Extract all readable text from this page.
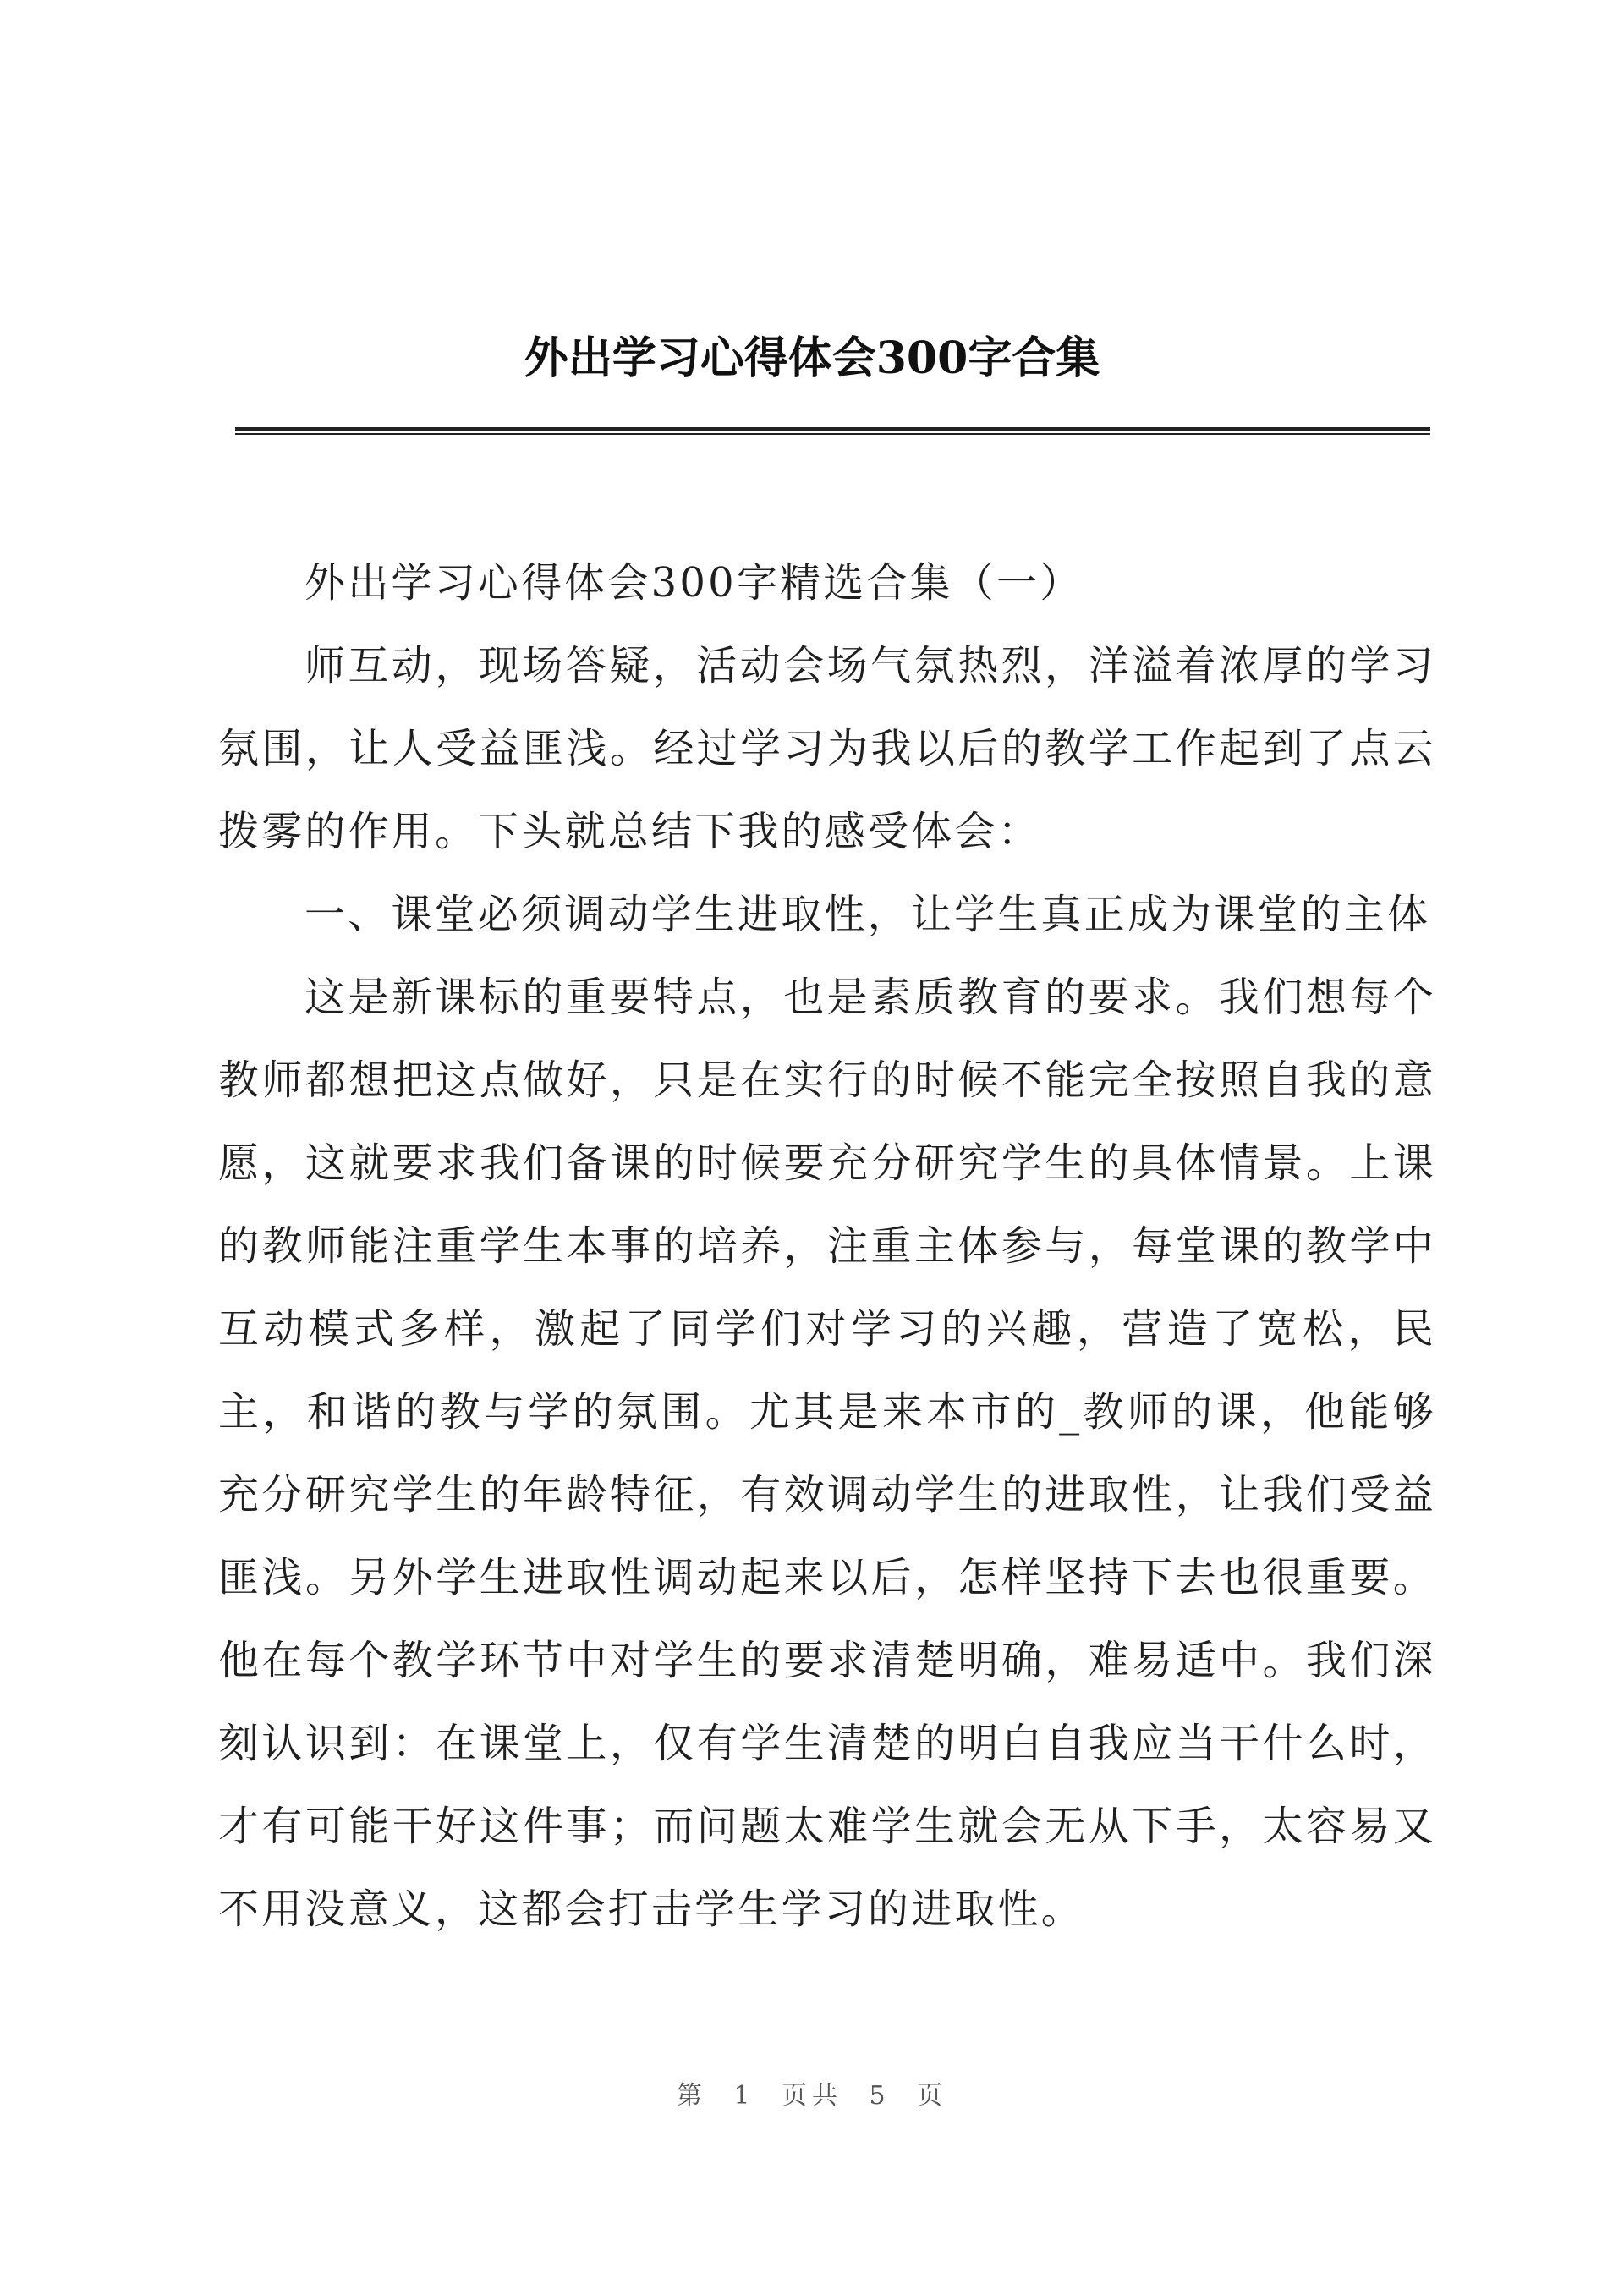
外出学习心得体会300字合集

外出学习心得体会300字精选合集（一）

师互动，现场答疑，活动会场气氛热烈，洋溢着浓厚的学习氛围，让人受益匪浅。经过学习为我以后的教学工作起到了点云拨雾的作用。下头就总结下我的感受体会：

一、课堂必须调动学生进取性，让学生真正成为课堂的主体

这是新课标的重要特点，也是素质教育的要求。我们想每个教师都想把这点做好，只是在实行的时候不能完全按照自我的意愿，这就要求我们备课的时候要充分研究学生的具体情景。上课的教师能注重学生本事的培养，注重主体参与，每堂课的教学中互动模式多样，激起了同学们对学习的兴趣，营造了宽松，民主，和谐的教与学的氛围。尤其是来本市的_教师的课，他能够充分研究学生的年龄特征，有效调动学生的进取性，让我们受益匪浅。另外学生进取性调动起来以后，怎样坚持下去也很重要。他在每个教学环节中对学生的要求清楚明确，难易适中。我们深刻认识到：在课堂上，仅有学生清楚的明白自我应当干什么时，才有可能干好这件事；而问题太难学生就会无从下手，太容易又不用没意义，这都会打击学生学习的进取性。

第 1 页共 5 页
